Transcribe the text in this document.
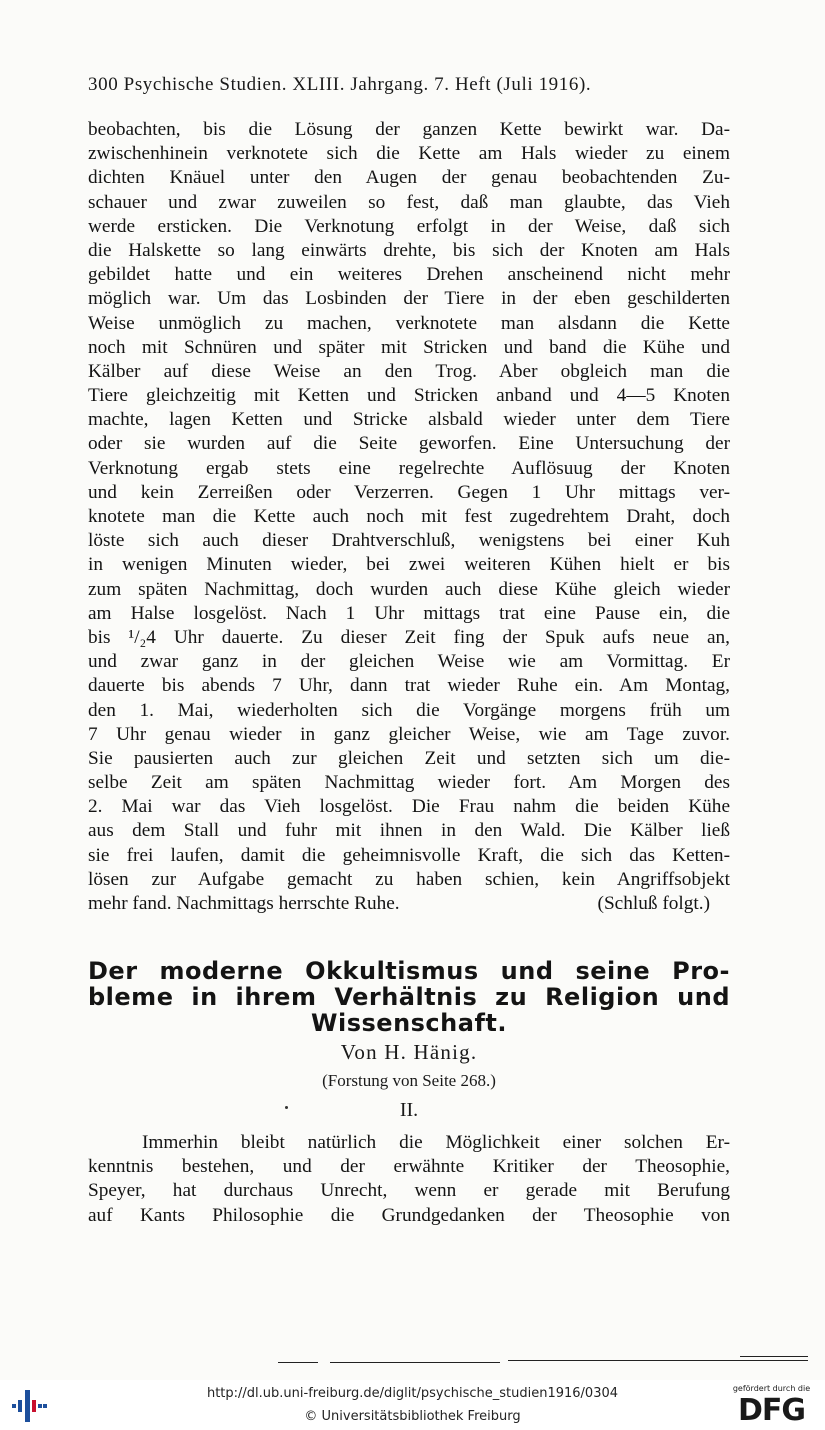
300 Psychische Studien. XLIII. Jahrgang. 7. Heft (Juli 1916).
beobachten, bis die Lösung der ganzen Kette bewirkt war. Da-
zwischenhinein verknotete sich die Kette am Hals wieder zu einem
dichten Knäuel unter den Augen der genau beobachtenden Zu-
schauer und zwar zuweilen so fest, daß man glaubte, das Vieh
werde ersticken. Die Verknotung erfolgt in der Weise, daß sich
die Halskette so lang einwärts drehte, bis sich der Knoten am Hals
gebildet hatte und ein weiteres Drehen anscheinend nicht mehr
möglich war. Um das Losbinden der Tiere in der eben geschilderten
Weise unmöglich zu machen, verknotete man alsdann die Kette
noch mit Schnüren und später mit Stricken und band die Kühe und
Kälber auf diese Weise an den Trog. Aber obgleich man die
Tiere gleichzeitig mit Ketten und Stricken anband und 4—5 Knoten
machte, lagen Ketten und Stricke alsbald wieder unter dem Tiere
oder sie wurden auf die Seite geworfen. Eine Untersuchung der
Verknotung ergab stets eine regelrechte Auflösuug der Knoten
und kein Zerreißen oder Verzerren. Gegen 1 Uhr mittags ver-
knotete man die Kette auch noch mit fest zugedrehtem Draht, doch
löste sich auch dieser Drahtverschluß, wenigstens bei einer Kuh
in wenigen Minuten wieder, bei zwei weiteren Kühen hielt er bis
zum späten Nachmittag, doch wurden auch diese Kühe gleich wieder
am Halse losgelöst. Nach 1 Uhr mittags trat eine Pause ein, die
bis ¹/₂4 Uhr dauerte. Zu dieser Zeit fing der Spuk aufs neue an,
und zwar ganz in der gleichen Weise wie am Vormittag. Er
dauerte bis abends 7 Uhr, dann trat wieder Ruhe ein. Am Montag,
den 1. Mai, wiederholten sich die Vorgänge morgens früh um
7 Uhr genau wieder in ganz gleicher Weise, wie am Tage zuvor.
Sie pausierten auch zur gleichen Zeit und setzten sich um die-
selbe Zeit am späten Nachmittag wieder fort. Am Morgen des
2. Mai war das Vieh losgelöst. Die Frau nahm die beiden Kühe
aus dem Stall und fuhr mit ihnen in den Wald. Die Kälber ließ
sie frei laufen, damit die geheimnisvolle Kraft, die sich das Ketten-
lösen zur Aufgabe gemacht zu haben schien, kein Angriffsobjekt
mehr fand. Nachmittags herrschte Ruhe.	(Schluß folgt.)
Der moderne Okkultismus und seine Pro-
bleme in ihrem Verhältnis zu Religion und
Wissenschaft.
Von H. Hänig.
(Forstung von Seite 268.)
II.
Immerhin bleibt natürlich die Möglichkeit einer solchen Er-
kenntnis bestehen, und der erwähnte Kritiker der Theosophie,
Speyer, hat durchaus Unrecht, wenn er gerade mit Berufung
auf Kants Philosophie die Grundgedanken der Theosophie von
http://dl.ub.uni-freiburg.de/diglit/psychische_studien1916/0304
© Universitätsbibliothek Freiburg
gefördert durch die
DFG
